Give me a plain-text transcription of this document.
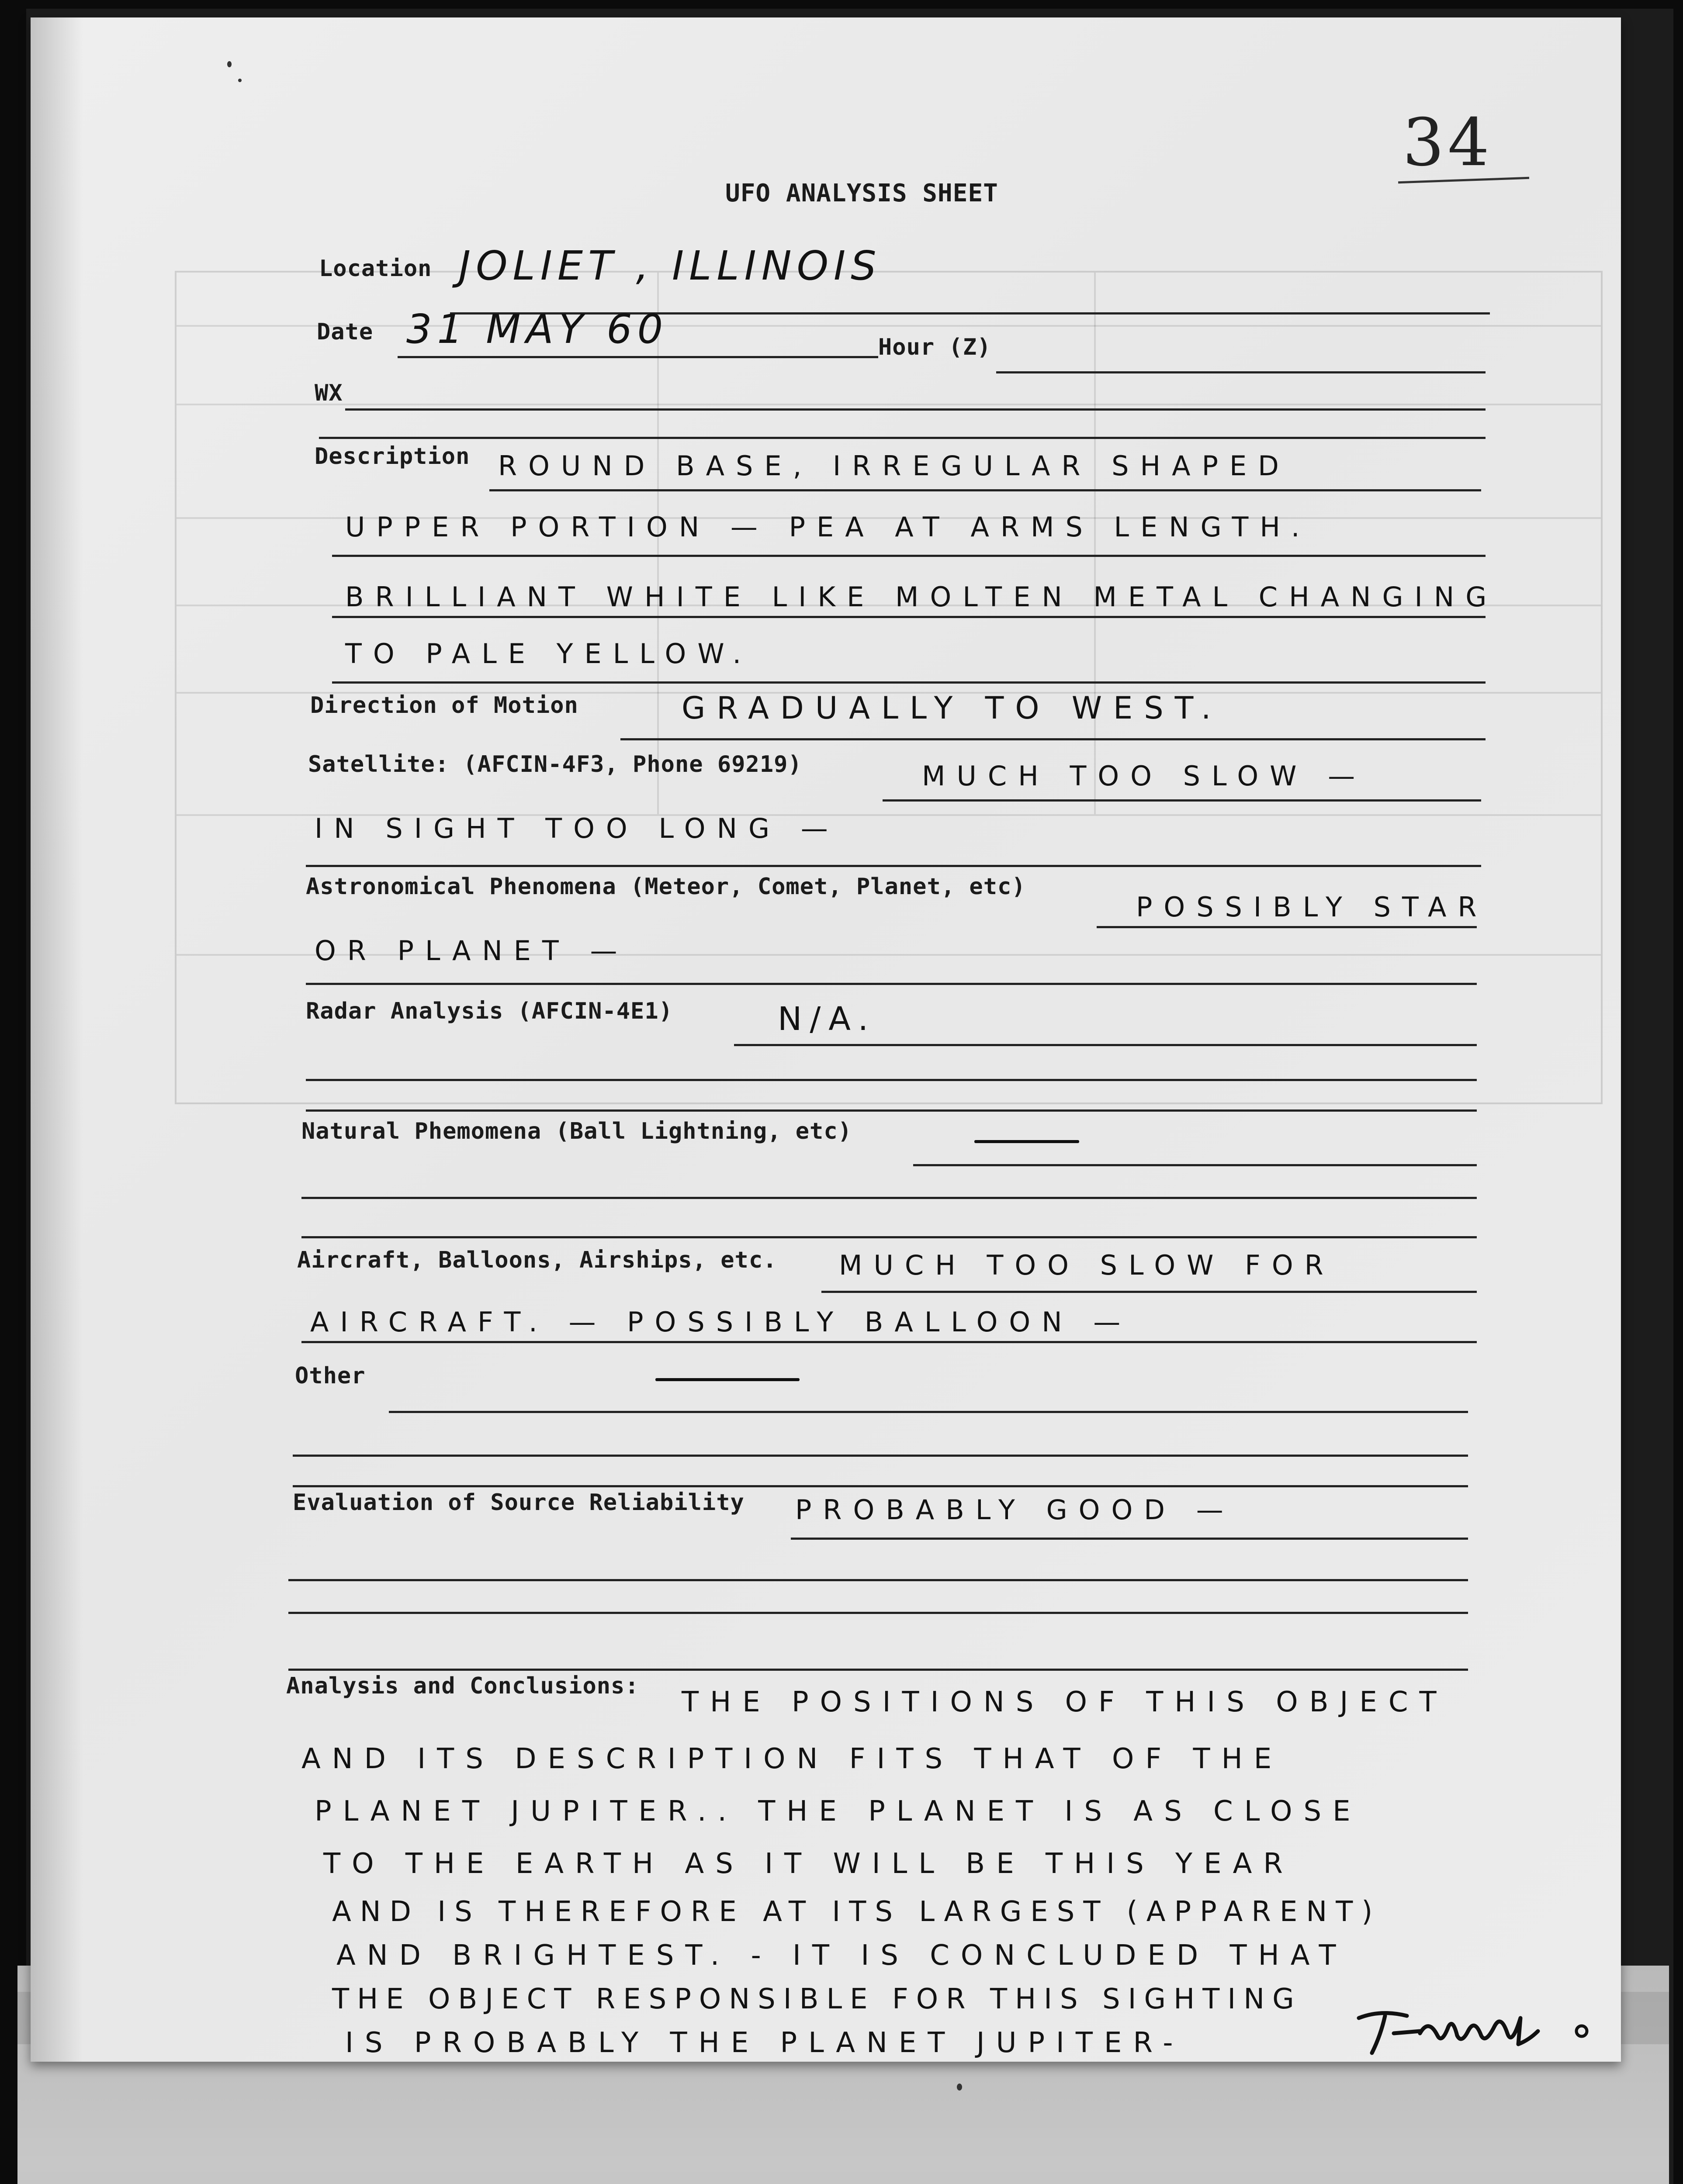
34
UFO ANALYSIS SHEET
Location JOLIET , ILLINOIS
Date 31 MAY 60	Hour (Z)
WX
Description ROUND BASE, IRREGULAR SHAPED
UPPER PORTION — PEA AT ARMS LENGTH.
BRILLIANT WHITE LIKE MOLTEN METAL CHANGING
TO PALE YELLOW.
Direction of Motion	GRADUALLY TO WEST.
Satellite: (AFCIN-4F3, Phone 69219)	MUCH TOO SLOW —
IN SIGHT TOO LONG —
Astronomical Phenomena (Meteor, Comet, Planet, etc)
POSSIBLY STAR
OR PLANET —
Radar Analysis (AFCIN-4E1)	N/A.
Natural Phemomena (Ball Lightning, etc)
Aircraft, Balloons, Airships, etc. MUCH TOO SLOW FOR
AIRCRAFT. — POSSIBLY BALLOON —
Other
Evaluation of Source Reliability PROBABLY GOOD —
Analysis and Conclusions: THE POSITIONS OF THIS OBJECT
AND ITS DESCRIPTION FITS THAT OF THE
PLANET JUPITER.. THE PLANET IS AS CLOSE
TO THE EARTH AS IT WILL BE THIS YEAR
AND IS THEREFORE AT ITS LARGEST (APPARENT)
AND BRIGHTEST. - IT IS CONCLUDED THAT
THE OBJECT RESPONSIBLE FOR THIS SIGHTING
IS PROBABLY THE PLANET JUPITER-
